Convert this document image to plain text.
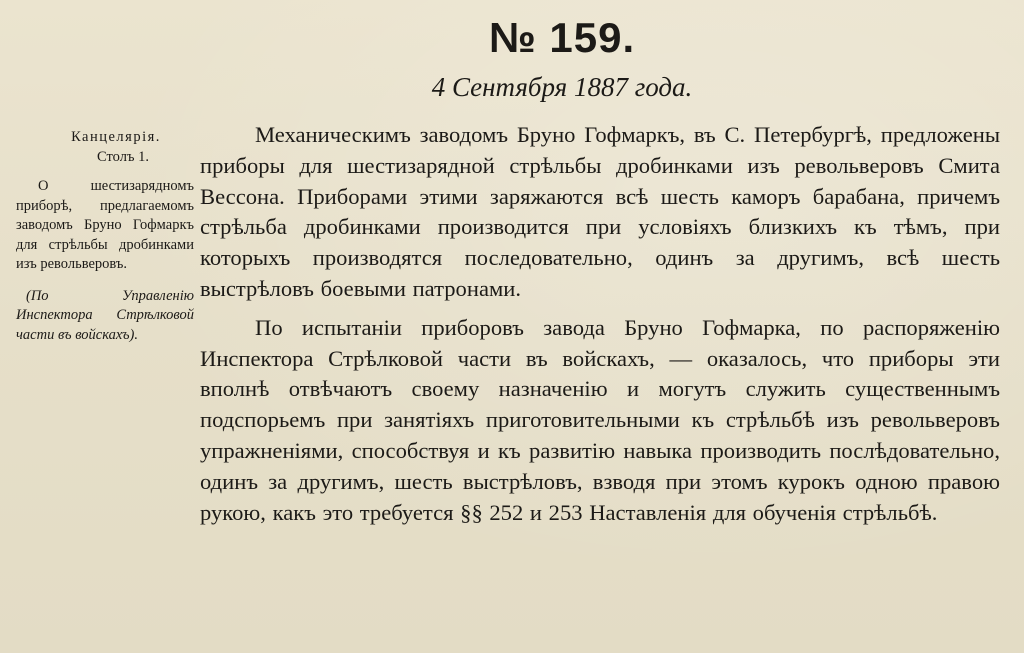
№ 159.
4 Сентября 1887 года.
Канцелярія.
Столъ 1.

О шестизарядномъ приборѣ, предлагаемомъ заводомъ Бруно Гофмаркъ для стрѣльбы дробинками изъ револьверовъ.

(По Управленію Инспектора Стрѣлковой части въ войскахъ).

Механическимъ заводомъ Бруно Гофмаркъ, въ С. Петербургѣ, предложены приборы для шестизарядной стрѣльбы дробинками изъ револьверовъ Смита Вессона. Приборами этими заряжаются всѣ шесть каморъ барабана, причемъ стрѣльба дробинками производится при условіяхъ близкихъ къ тѣмъ, при которыхъ производятся последовательно, одинъ за другимъ, всѣ шесть выстрѣловъ боевыми патронами.

По испытаніи приборовъ завода Бруно Гофмарка, по распоряженію Инспектора Стрѣлковой части въ войскахъ, — оказалось, что приборы эти вполнѣ отвѣчаютъ своему назначенію и могутъ служить существеннымъ подспорьемъ при занятіяхъ приготовительными къ стрѣльбѣ изъ револьверовъ упражненіями, способствуя и къ развитію навыка производить послѣдовательно, одинъ за другимъ, шесть выстрѣловъ, взводя при этомъ курокъ одною правою рукою, какъ это требуется §§ 252 и 253 Наставленія для обученія стрѣльбѣ.
